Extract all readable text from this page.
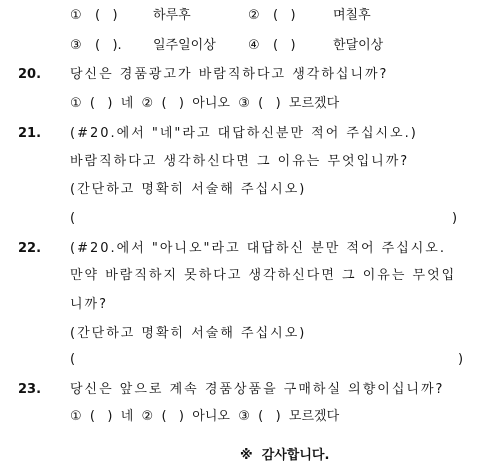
① (   )	하루후	② (   )	며칠후
③ (   ). 일주일이상 ④ (   )	한달이상
20. 당신은 경품광고가 바람직하다고 생각하십니까?
①  (   )  네  ②  (   )  아니오  ③  (   )  모르겠다
21. (#20.에서 "네"라고 대답하신분만 적어 주십시오.)
바람직하다고 생각하신다면 그 이유는 무엇입니까?
(간단하고 명확히 서술해 주십시오)
(	)
22. (#20.에서 "아니오"라고 대답하신 분만 적어 주십시오.
만약 바람직하지 못하다고 생각하신다면 그 이유는 무엇입
니까?
(간단하고 명확히 서술해 주십시오)
(	)
23. 당신은 앞으로 계속 경품상품을 구매하실 의향이십니까?
①  (   )  네  ②  (   )  아니오  ③  (   )  모르겠다
※  감사합니다.
